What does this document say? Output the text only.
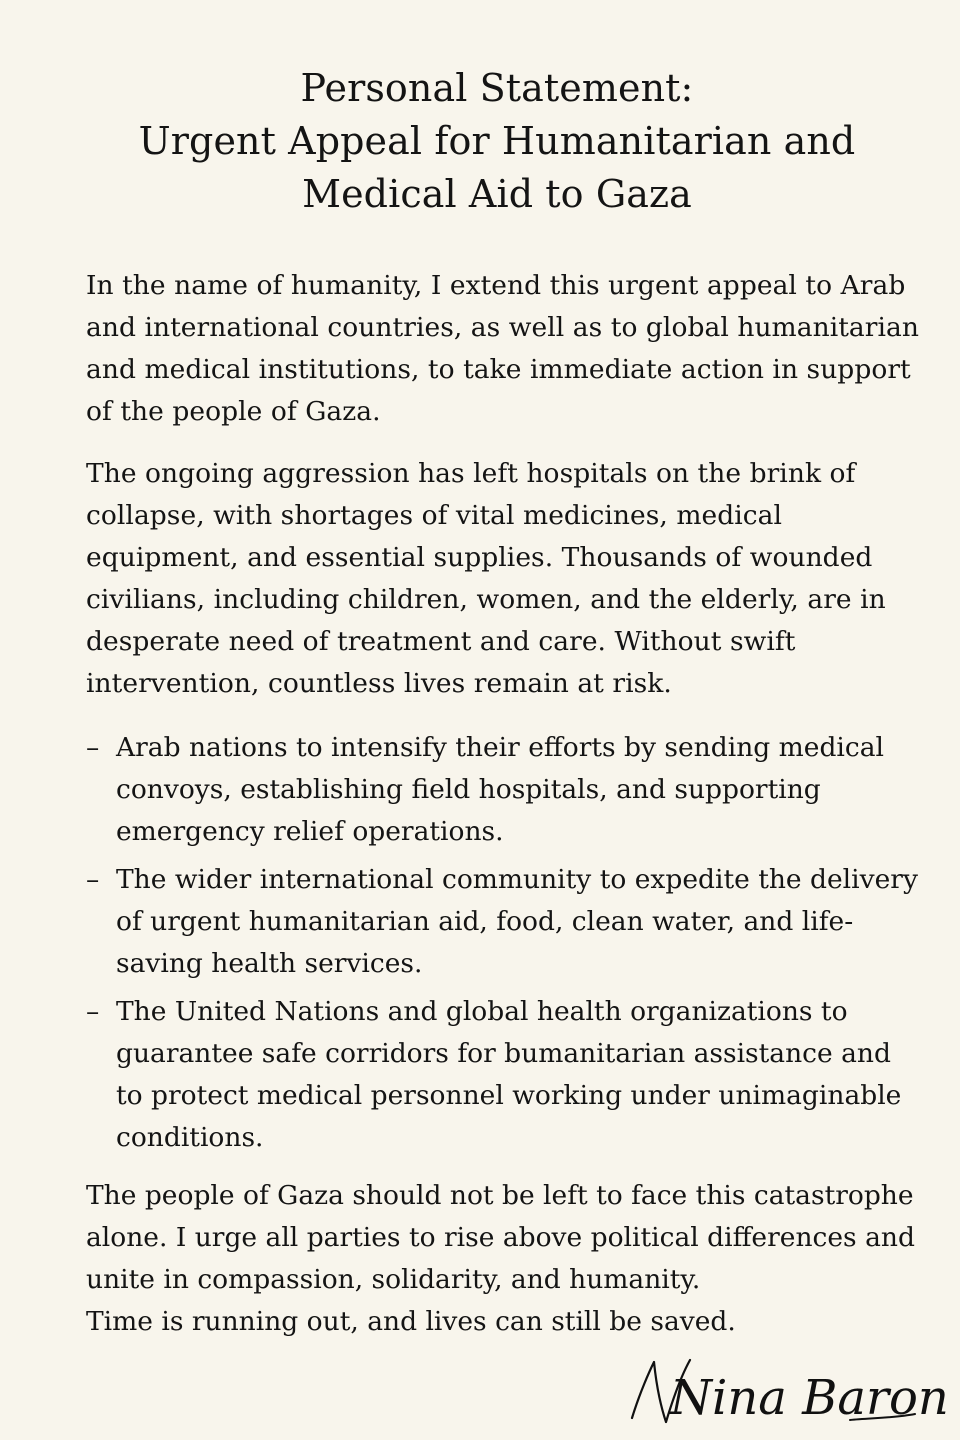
Personal Statement:
Urgent Appeal for Humanitarian and
Medical Aid to Gaza

In the name of humanity, I extend this urgent appeal to Arab and international countries, as well as to global humanitarian and medical institutions, to take immediate action in support of the people of Gaza.

The ongoing aggression has left hospitals on the brink of collapse, with shortages of vital medicines, medical equipment, and essential supplies. Thousands of wounded civilians, including children, women, and the elderly, are in desperate need of treatment and care. Without swift intervention, countless lives remain at risk.

– Arab nations to intensify their efforts by sending medical convoys, establishing field hospitals, and supporting emergency relief operations.
– The wider international community to expedite the delivery of urgent humanitarian aid, food, clean water, and life-saving health services.
– The United Nations and global health organizations to guarantee safe corridors for bumanitarian assistance and to protect medical personnel working under unimaginable conditions.
The people of Gaza should not be left to face this catastrophe alone. I urge all parties to rise above political differences and unite in compassion, solidarity, and humanity.
Time is running out, and lives can still be saved.
Nina Baron
